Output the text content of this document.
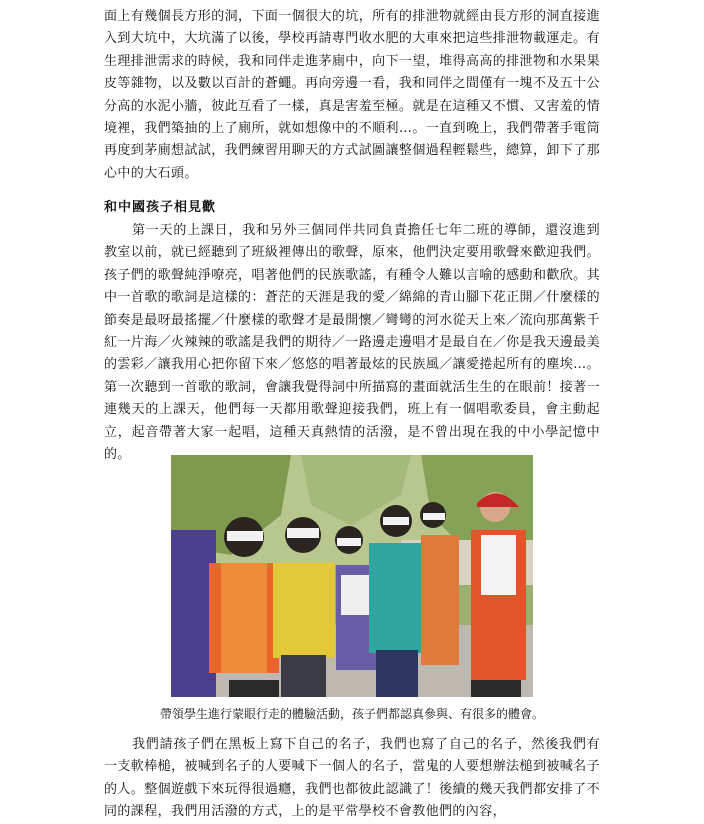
面上有幾個長方形的洞，下面一個很大的坑，所有的排泄物就經由長方形的洞直接進入到大坑中，大坑滿了以後，學校再請專門收水肥的大車來把這些排泄物載運走。有生理排泄需求的時候，我和同伴走進茅廁中，向下一望，堆得高高的排泄物和水果果皮等雜物，以及數以百計的蒼蠅。再向旁邊一看，我和同伴之間僅有一塊不及五十公分高的水泥小牆，彼此互看了一樣，真是害羞至極。就是在這種又不慣、又害羞的情境裡，我們築抽的上了廁所，就如想像中的不順利…。一直到晚上，我們帶著手電筒再度到茅廁想試試，我們練習用聊天的方式試圖讓整個過程輕鬆些，總算，卸下了那心中的大石頭。

和中國孩子相見歡

第一天的上課日，我和另外三個同伴共同負責擔任七年二班的導師，還沒進到教室以前，就已經聽到了班級裡傳出的歌聲，原來，他們決定要用歌聲來歡迎我們。孩子們的歌聲純淨嘹亮，唱著他們的民族歌謠，有種令人難以言喻的感動和歡欣。其中一首歌的歌詞是這樣的：蒼茫的天涯是我的愛／綿綿的青山腳下花正開／什麼樣的節奏是最呀最搖擺／什麼樣的歌聲才是最開懷／彎彎的河水從天上來／流向那萬紫千紅一片海／火辣辣的歌謠是我們的期待／一路邊走邊唱才是最自在／你是我天邊最美的雲彩／讓我用心把你留下來／悠悠的唱著最炫的民族風／讓愛捲起所有的塵埃…。第一次聽到一首歌的歌詞，會讓我覺得詞中所描寫的畫面就活生生的在眼前！接著一連幾天的上課天，他們每一天都用歌聲迎接我們，班上有一個唱歌委員，會主動起立，起音帶著大家一起唱，這種天真熱情的活潑，是不曾出現在我的中小學記憶中的。

帶領學生進行蒙眼行走的體驗活動，孩子們都認真參與、有很多的體會。

我們請孩子們在黑板上寫下自己的名子，我們也寫了自己的名子，然後我們有一支軟棒槌，被喊到名子的人要喊下一個人的名子，當鬼的人要想辦法槌到被喊名子的人。整個遊戲下來玩得很過癮，我們也都彼此認識了！後續的幾天我們都安排了不同的課程，我們用活潑的方式，上的是平常學校不會教他們的內容，
